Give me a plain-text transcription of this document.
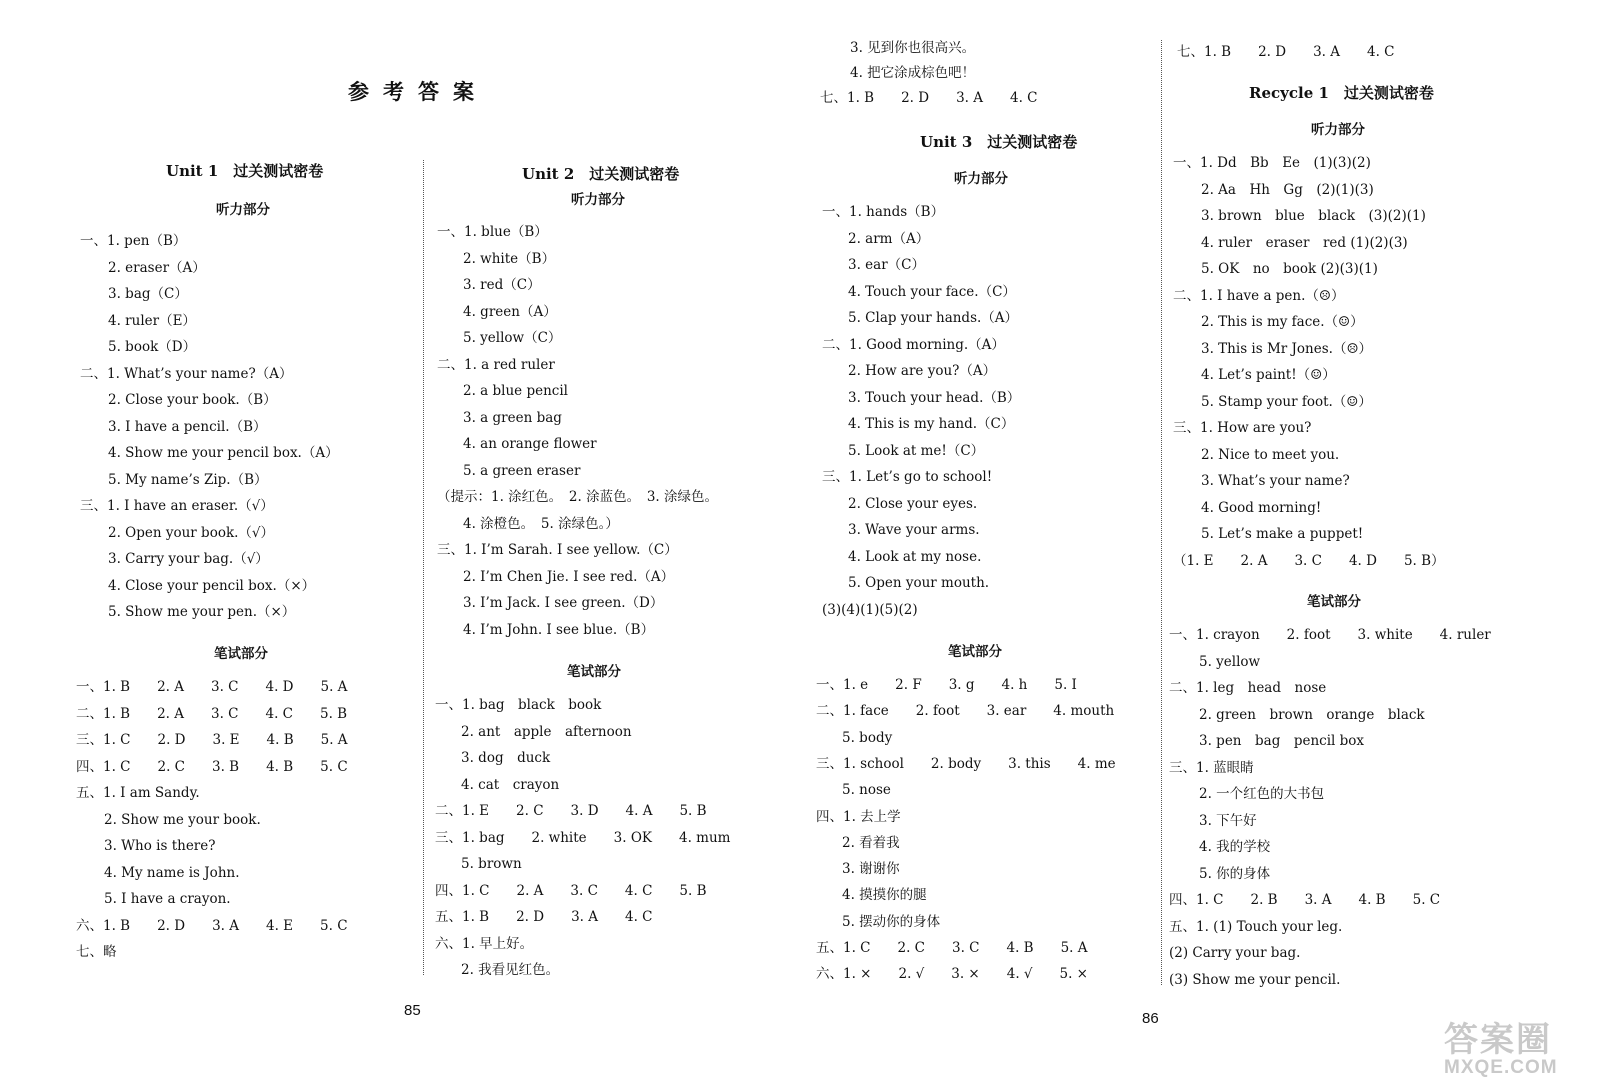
参考答案
Unit 1　过关测试密卷
听力部分
一、1. pen（B）
2. eraser（A）
3. bag（C）
4. ruler（E）
5. book（D）
二、1. What’s your name?（A）
2. Close your book.（B）
3. I have a pencil.（B）
4. Show me your pencil box.（A）
5. My name’s Zip.（B）
三、1. I have an eraser.（√）
2. Open your book.（√）
3. Carry your bag.（√）
4. Close your pencil box.（×）
5. Show me your pen.（×）
笔试部分
一、1. B　　2. A　　3. C　　4. D　　5. A
二、1. B　　2. A　　3. C　　4. C　　5. B
三、1. C　　2. D　　3. E　　4. B　　5. A
四、1. C　　2. C　　3. B　　4. B　　5. C
五、1. I am Sandy.
2. Show me your book.
3. Who is there?
4. My name is John.
5. I have a crayon.
六、1. B　　2. D　　3. A　　4. E　　5. C
七、略
Unit 2　过关测试密卷
听力部分
一、1. blue（B）
2. white（B）
3. red（C）
4. green（A）
5. yellow（C）
二、1. a red ruler
2. a blue pencil
3. a green bag
4. an orange flower
5. a green eraser
（提示：1. 涂红色。　2. 涂蓝色。　3. 涂绿色。
4. 涂橙色。　5. 涂绿色。）
三、1. I’m Sarah. I see yellow.（C）
2. I’m Chen Jie. I see red.（A）
3. I’m Jack. I see green.（D）
4. I’m John. I see blue.（B）
笔试部分
一、1. bag　black　book
2. ant　apple　afternoon
3. dog　duck
4. cat　crayon
二、1. E　　2. C　　3. D　　4. A　　5. B
三、1. bag　　2. white　　3. OK　　4. mum
5. brown
四、1. C　　2. A　　3. C　　4. C　　5. B
五、1. B　　2. D　　3. A　　4. C
六、1. 早上好。
2. 我看见红色。
85
3. 见到你也很高兴。
4. 把它涂成棕色吧！
七、1. B　　2. D　　3. A　　4. C
Unit 3　过关测试密卷
听力部分
一、1. hands（B）
2. arm（A）
3. ear（C）
4. Touch your face.（C）
5. Clap your hands.（A）
二、1. Good morning.（A）
2. How are you?（A）
3. Touch your head.（B）
4. This is my hand.（C）
5. Look at me!（C）
三、1. Let’s go to school!
2. Close your eyes.
3. Wave your arms.
4. Look at my nose.
5. Open your mouth.
(3)(4)(1)(5)(2)
笔试部分
一、1. e　　2. F　　3. g　　4. h　　5. I
二、1. face　　2. foot　　3. ear　　4. mouth
5. body
三、1. school　　2. body　　3. this　　4. me
5. nose
四、1. 去上学
2. 看着我
3. 谢谢你
4. 摸摸你的腿
5. 摆动你的身体
五、1. C　　2. C　　3. C　　4. B　　5. A
六、1. ×　　2. √　　3. ×　　4. √　　5. ×
七、1. B　　2. D　　3. A　　4. C
Recycle 1　过关测试密卷
听力部分
一、1. Dd　Bb　Ee　(1)(3)(2)
2. Aa　Hh　Gg　(2)(1)(3)
3. brown　blue　black　(3)(2)(1)
4. ruler　eraser　red (1)(2)(3)
5. OK　no　book (2)(3)(1)
二、1. I have a pen.（☹）
2. This is my face.（☺）
3. This is Mr Jones.（☹）
4. Let’s paint!（☺）
5. Stamp your foot.（☺）
三、1. How are you?
2. Nice to meet you.
3. What’s your name?
4. Good morning!
5. Let’s make a puppet!
（1. E　　2. A　　3. C　　4. D　　5. B）
笔试部分
一、1. crayon　　2. foot　　3. white　　4. ruler
5. yellow
二、1. leg　head　nose
2. green　brown　orange　black
3. pen　bag　pencil box
三、1. 蓝眼睛
2. 一个红色的大书包
3. 下午好
4. 我的学校
5. 你的身体
四、1. C　　2. B　　3. A　　4. B　　5. C
五、1. (1) Touch your leg.
(2) Carry your bag.
(3) Show me your pencil.
86
答案圈
MXQE.COM
